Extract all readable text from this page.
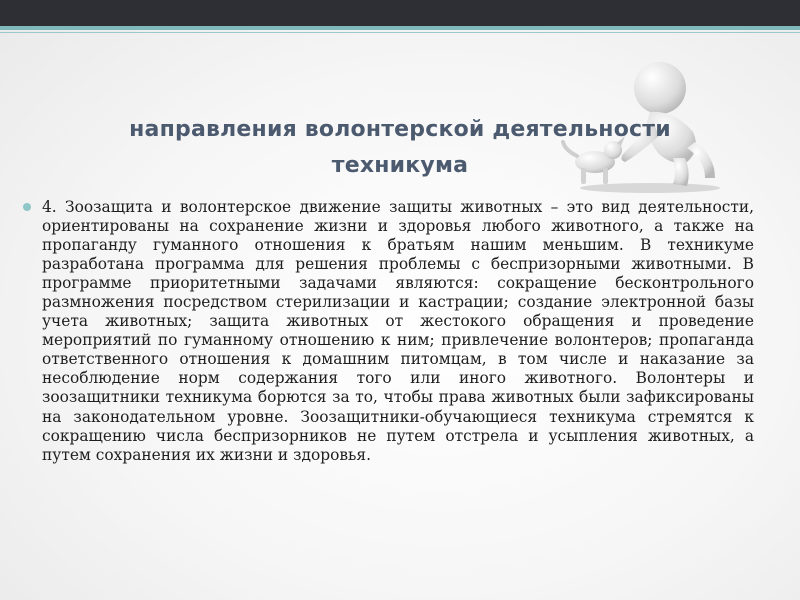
направления волонтерской деятельности техникума
4. Зоозащита и волонтерское движение защиты животных – это вид деятельности, ориентированы на сохранение жизни и здоровья любого животного, а также на пропаганду гуманного отношения к братьям нашим меньшим. В техникуме разработана программа для решения проблемы с беспризорными животными. В программе приоритетными задачами являются: сокращение бесконтрольного размножения посредством стерилизации и кастрации; создание электронной базы учета животных; защита животных от жестокого обращения и проведение мероприятий по гуманному отношению к ним; привлечение волонтеров; пропаганда ответственного отношения к домашним питомцам, в том числе и наказание за несоблюдение норм содержания того или иного животного. Волонтеры и зоозащитники техникума борются за то, чтобы права животных были зафиксированы на законодательном уровне. Зоозащитники-обучающиеся техникума стремятся к сокращению числа беспризорников не путем отстрела и усыпления животных, а путем сохранения их жизни и здоровья.
